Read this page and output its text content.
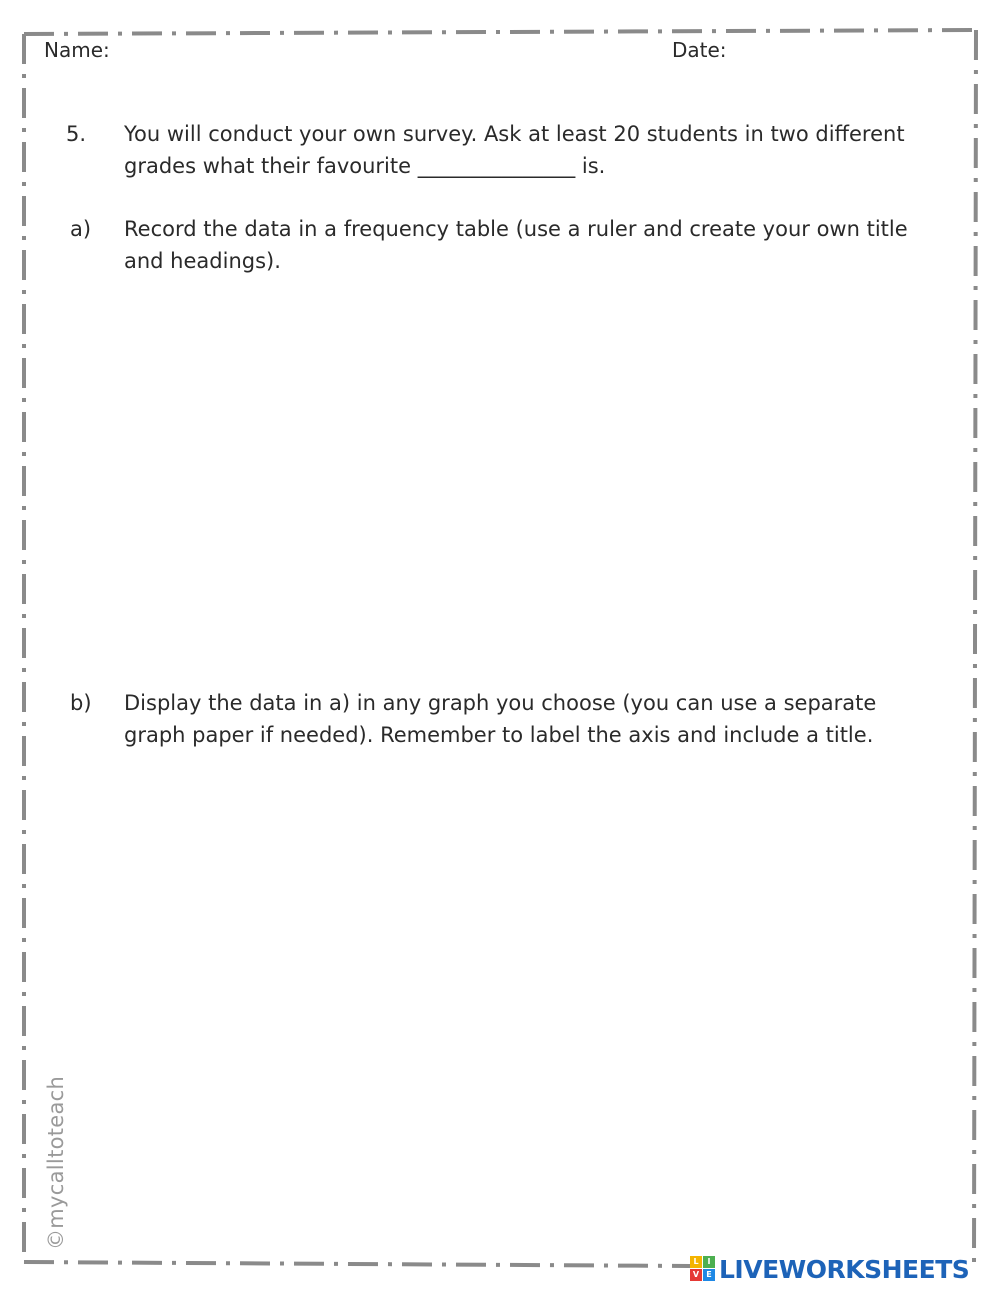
Name:	Date:
5.	You will conduct your own survey. Ask at least 20 students in two different grades what their favourite _______________ is.
a)	Record the data in a frequency table (use a ruler and create your own title and headings).
b)	Display the data in a) in any graph you choose (you can use a separate graph paper if needed). Remember to label the axis and include a title.
©mycalltoteach
L	I
V E LIVEWORKSHEETS
